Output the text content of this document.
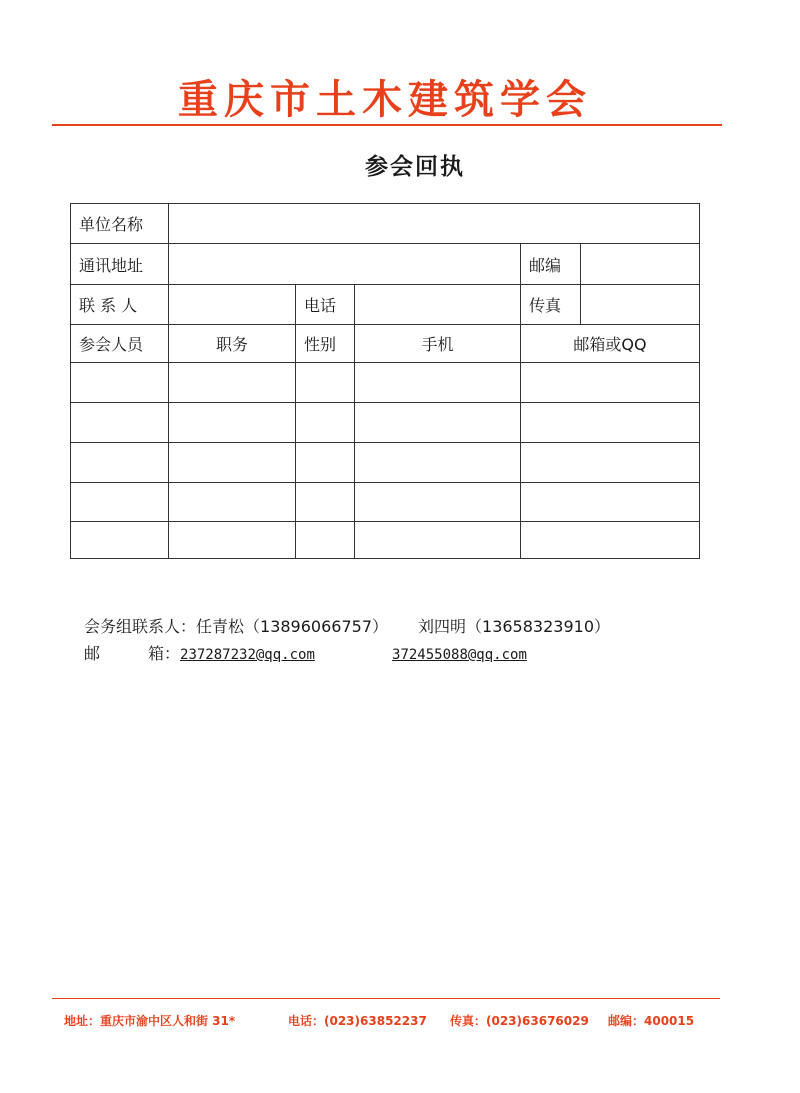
重庆市土木建筑学会
参会回执
单位名称					
通讯地址				邮编	
联 系 人		电话		传真	
参会人员	职务	性别	手机	邮箱或QQ	

会务组联系人：任青松（13896066757） 刘四明（13658323910）
邮　　　箱：237287232@qq.com	372455088@qq.com
地址：重庆市渝中区人和街 31*	电话：(023)63852237 传真：(023)63676029 邮编：400015
